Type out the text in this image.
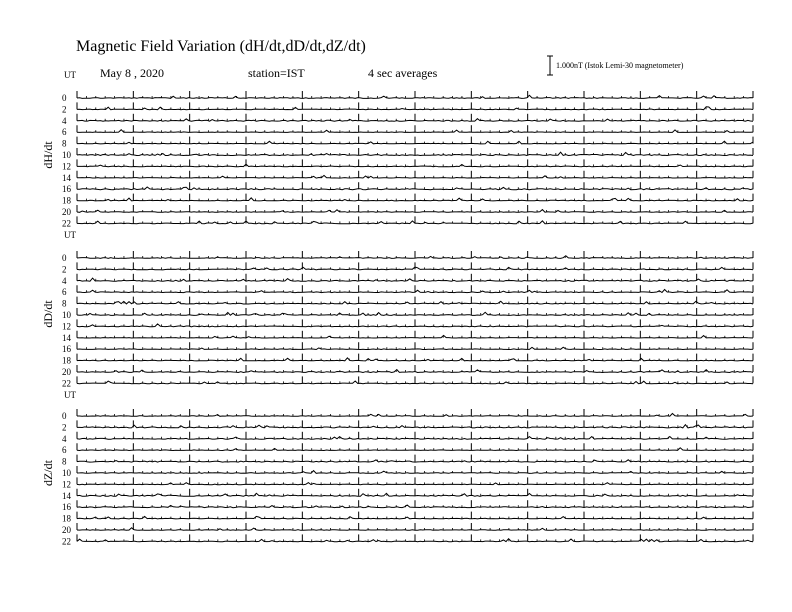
Magnetic Field Variation (dH/dt,dD/dt,dZ/dt)
May 8 , 2020	station=IST	4 sec averages
1.000nT (Istok Lemi-30 magnetometer)
UT
dH/dt
0
2
4
6
8
10
12
14
16
18
20
22
UT
dD/dt
0
2
4
6
8
10
12
14
16
18
20
22
UT
dZ/dt
0
2
4
6
8
10
12
14
16
18
20
22
